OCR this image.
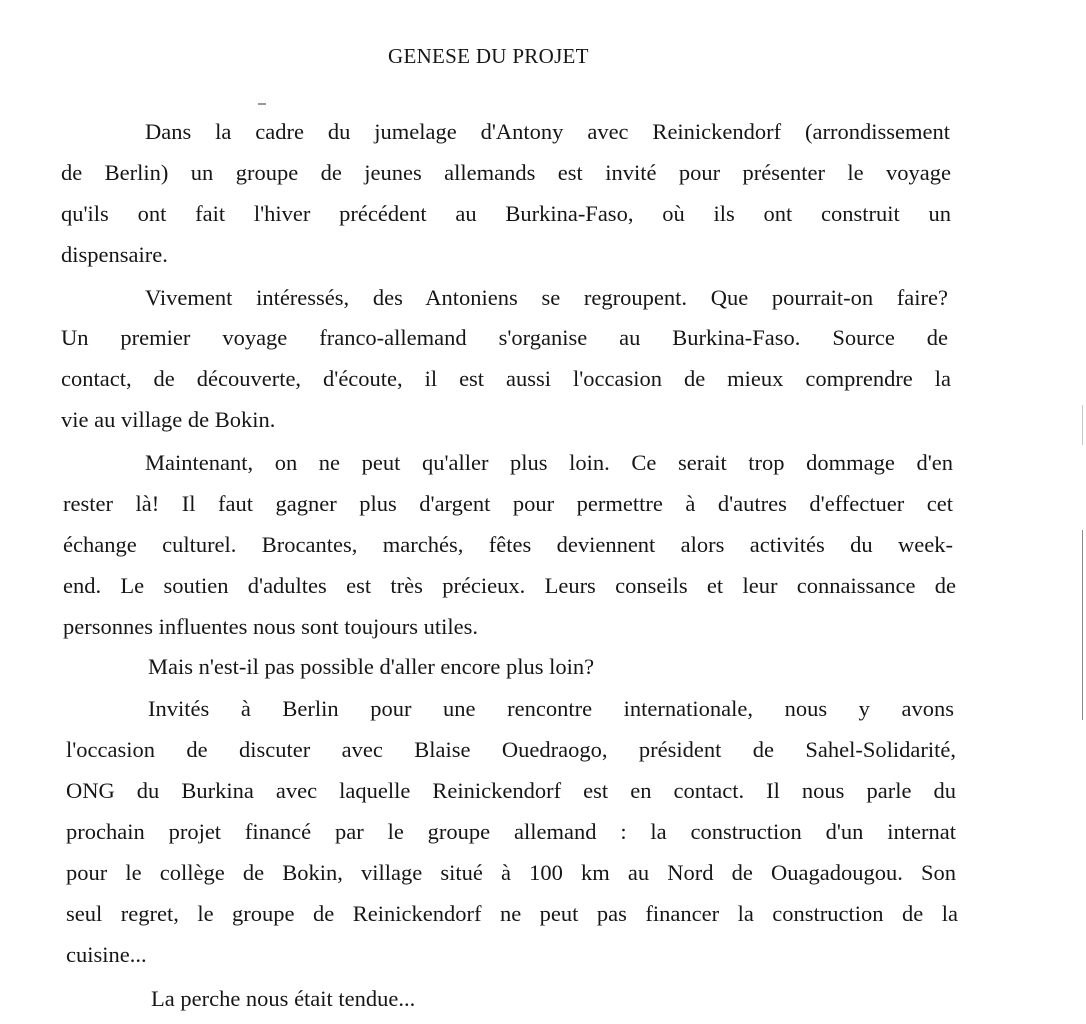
GENESE DU PROJET
Dans la cadre du jumelage d'Antony avec Reinickendorf (arrondissement
de Berlin) un groupe de jeunes allemands est invité pour présenter le voyage
qu'ils ont fait l'hiver précédent au Burkina-Faso, où ils ont construit un
dispensaire.
Vivement intéressés, des Antoniens se regroupent. Que pourrait-on faire?
Un premier voyage franco-allemand s'organise au Burkina-Faso. Source de
contact, de découverte, d'écoute, il est aussi l'occasion de mieux comprendre la
vie au village de Bokin.
Maintenant, on ne peut qu'aller plus loin. Ce serait trop dommage d'en
rester là! Il faut gagner plus d'argent pour permettre à d'autres d'effectuer cet
échange culturel. Brocantes, marchés, fêtes deviennent alors activités du week-
end. Le soutien d'adultes est très précieux. Leurs conseils et leur connaissance de
personnes influentes nous sont toujours utiles.
Mais n'est-il pas possible d'aller encore plus loin?
Invités à Berlin pour une rencontre internationale, nous y avons
l'occasion de discuter avec Blaise Ouedraogo, président de Sahel-Solidarité,
ONG du Burkina avec laquelle Reinickendorf est en contact. Il nous parle du
prochain projet financé par le groupe allemand : la construction d'un internat
pour le collège de Bokin, village situé à 100 km au Nord de Ouagadougou. Son
seul regret, le groupe de Reinickendorf ne peut pas financer la construction de la
cuisine...
La perche nous était tendue...
